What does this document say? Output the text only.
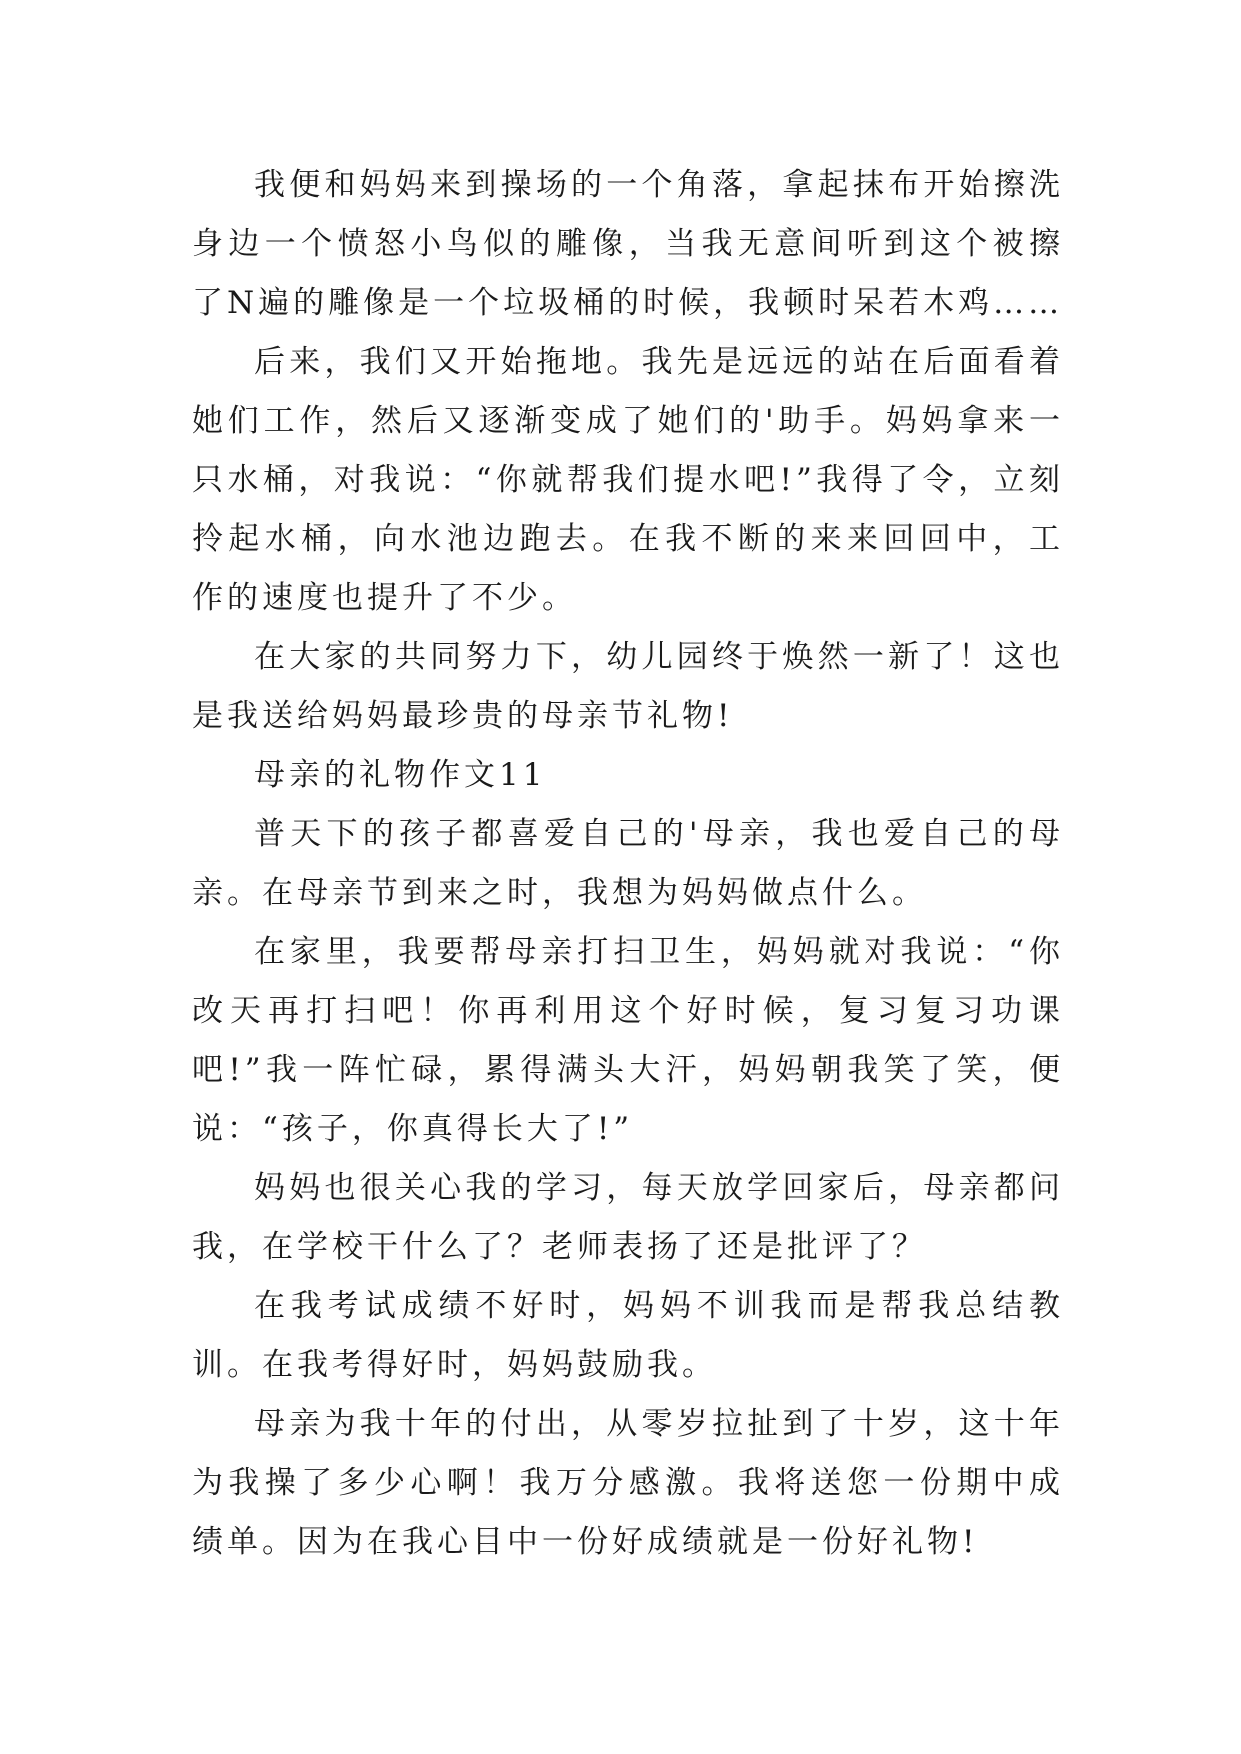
我便和妈妈来到操场的一个角落，拿起抹布开始擦洗身边一个愤怒小鸟似的雕像，当我无意间听到这个被擦了N遍的雕像是一个垃圾桶的时候，我顿时呆若木鸡……

后来，我们又开始拖地。我先是远远的站在后面看着她们工作，然后又逐渐变成了她们的'助手。妈妈拿来一只水桶，对我说：“你就帮我们提水吧!”我得了令，立刻拎起水桶，向水池边跑去。在我不断的来来回回中，工作的速度也提升了不少。

在大家的共同努力下，幼儿园终于焕然一新了！这也是我送给妈妈最珍贵的母亲节礼物!

母亲的礼物作文11

普天下的孩子都喜爱自己的'母亲，我也爱自己的母亲。在母亲节到来之时，我想为妈妈做点什么。

在家里，我要帮母亲打扫卫生，妈妈就对我说：“你改天再打扫吧！你再利用这个好时候，复习复习功课吧!”我一阵忙碌，累得满头大汗，妈妈朝我笑了笑，便说：“孩子，你真得长大了!”

妈妈也很关心我的学习，每天放学回家后，母亲都问我，在学校干什么了？老师表扬了还是批评了？

在我考试成绩不好时，妈妈不训我而是帮我总结教训。在我考得好时，妈妈鼓励我。

母亲为我十年的付出，从零岁拉扯到了十岁，这十年为我操了多少心啊！我万分感激。我将送您一份期中成绩单。因为在我心目中一份好成绩就是一份好礼物!
